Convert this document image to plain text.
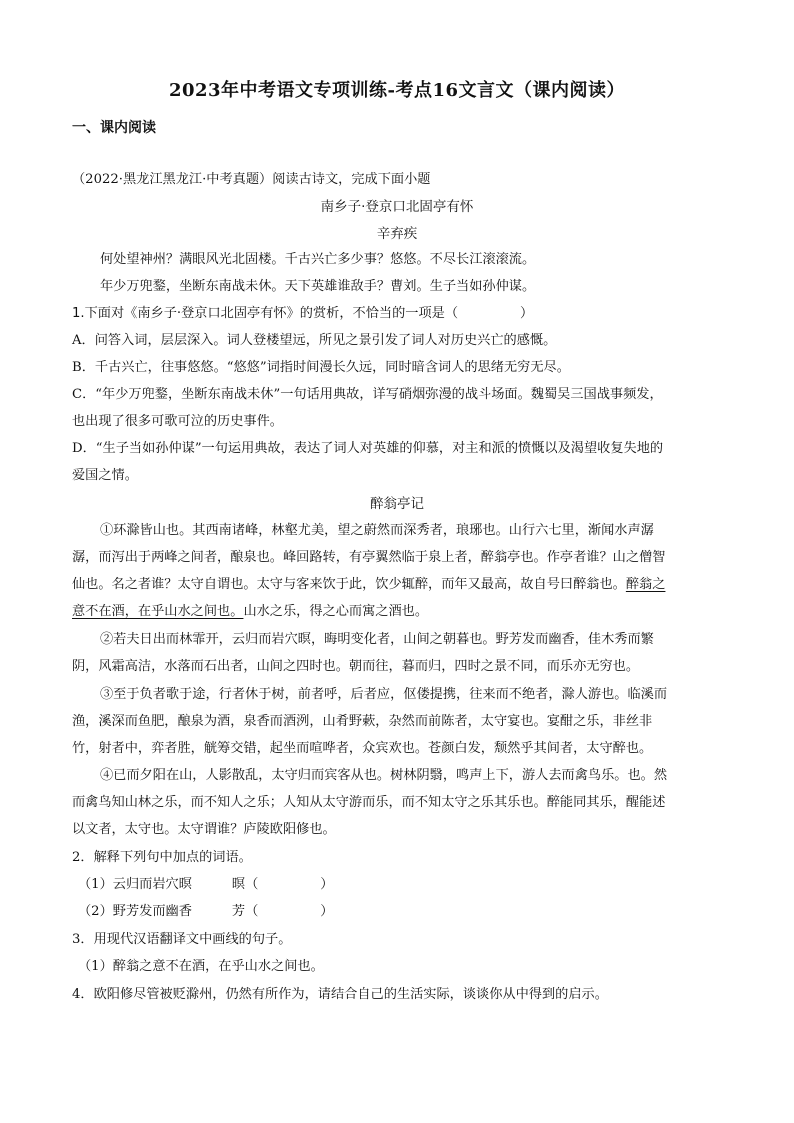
2023年中考语文专项训练-考点16文言文（课内阅读）
一、课内阅读
（2022·黑龙江黑龙江·中考真题）阅读古诗文，完成下面小题
南乡子·登京口北固亭有怀
辛弃疾
何处望神州？满眼风光北固楼。千古兴亡多少事？悠悠。不尽长江滚滚流。
年少万兜鍪，坐断东南战未休。天下英雄谁敌手？曹刘。生子当如孙仲谋。
1.下面对《南乡子·登京口北固亭有怀》的赏析，不恰当的一项是（	）
A．问答入词，层层深入。词人登楼望远，所见之景引发了词人对历史兴亡的感慨。
B．千古兴亡，往事悠悠。“悠悠”词指时间漫长久远，同时暗含词人的思绪无穷无尽。
C．“年少万兜鍪，坐断东南战未休”一句话用典故，详写硝烟弥漫的战斗场面。魏蜀吴三国战事频发，
也出现了很多可歌可泣的历史事件。
D．“生子当如孙仲谋”一句运用典故，表达了词人对英雄的仰慕，对主和派的愤慨以及渴望收复失地的
爱国之情。
醉翁亭记
①环滁皆山也。其西南诸峰，林壑尤美，望之蔚然而深秀者，琅琊也。山行六七里，渐闻水声潺
潺，而泻出于两峰之间者，酿泉也。峰回路转，有亭翼然临于泉上者，醉翁亭也。作亭者谁？山之僧智
仙也。名之者谁？太守自谓也。太守与客来饮于此，饮少辄醉，而年又最高，故自号曰醉翁也。醉翁之
意不在酒，在乎山水之间也。山水之乐，得之心而寓之酒也。
②若夫日出而林霏开，云归而岩穴暝，晦明变化者，山间之朝暮也。野芳发而幽香，佳木秀而繁
阴，风霜高洁，水落而石出者，山间之四时也。朝而往，暮而归，四时之景不同，而乐亦无穷也。
③至于负者歌于途，行者休于树，前者呼，后者应，伛偻提携，往来而不绝者，滁人游也。临溪而
渔，溪深而鱼肥，酿泉为酒，泉香而酒洌，山肴野蔌，杂然而前陈者，太守宴也。宴酣之乐，非丝非
竹，射者中，弈者胜，觥筹交错，起坐而喧哗者，众宾欢也。苍颜白发，颓然乎其间者，太守醉也。
④已而夕阳在山，人影散乱，太守归而宾客从也。树林阴翳，鸣声上下，游人去而禽鸟乐。也。然
而禽鸟知山林之乐，而不知人之乐；人知从太守游而乐，而不知太守之乐其乐也。醉能同其乐，醒能述
以文者，太守也。太守谓谁？庐陵欧阳修也。
2．解释下列句中加点的词语。
（1）云归而岩穴暝	暝（	）
（2）野芳发而幽香	芳（	）
3．用现代汉语翻译文中画线的句子。
（1）醉翁之意不在酒，在乎山水之间也。
4．欧阳修尽管被贬滁州，仍然有所作为，请结合自己的生活实际，谈谈你从中得到的启示。
